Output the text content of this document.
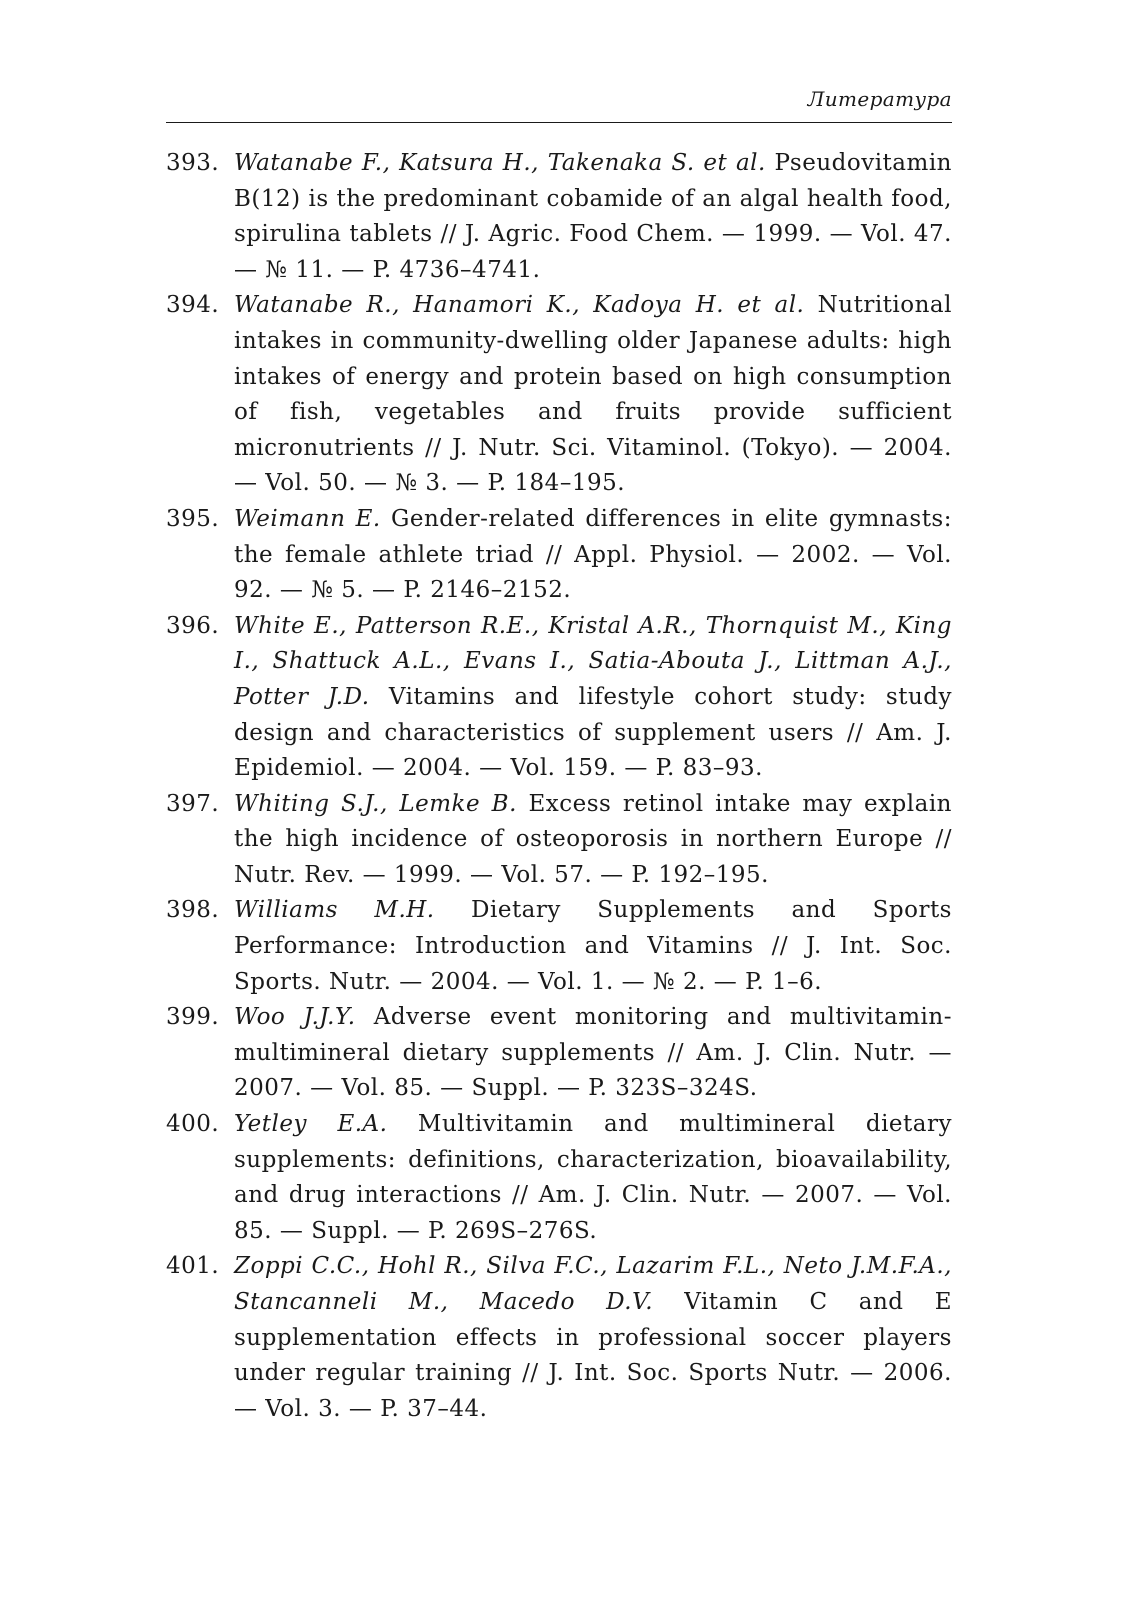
Литература
393. Watanabe F., Katsura H., Takenaka S. et al. Pseudovitamin B(12) is the predominant cobamide of an algal health food, spirulina tablets // J. Agric. Food Chem. — 1999. — Vol. 47. — № 11. — P. 4736–4741.
394. Watanabe R., Hanamori K., Kadoya H. et al. Nutritional intakes in community-dwelling older Japanese adults: high intakes of energy and protein based on high consumption of fish, vegetables and fruits provide sufficient micronutrients // J. Nutr. Sci. Vitaminol. (Tokyo). — 2004. — Vol. 50. — № 3. — P. 184–195.
395. Weimann E. Gender-related differences in elite gymnasts: the female athlete triad // Appl. Physiol. — 2002. — Vol. 92. — № 5. — P. 2146–2152.
396. White E., Patterson R.E., Kristal A.R., Thornquist M., King I., Shattuck A.L., Evans I., Satia-Abouta J., Littman A.J., Potter J.D. Vitamins and lifestyle cohort study: study design and characteristics of supplement users // Am. J. Epidemiol. — 2004. — Vol. 159. — P. 83–93.
397. Whiting S.J., Lemke B. Excess retinol intake may explain the high incidence of osteoporosis in northern Europe // Nutr. Rev. — 1999. — Vol. 57. — P. 192–195.
398. Williams M.H. Dietary Supplements and Sports Performance: Introduction and Vitamins // J. Int. Soc. Sports. Nutr. — 2004. — Vol. 1. — № 2. — P. 1–6.
399. Woo J.J.Y. Adverse event monitoring and multivitamin-multimineral dietary supplements // Am. J. Clin. Nutr. — 2007. — Vol. 85. — Suppl. — P. 323S–324S.
400. Yetley E.A. Multivitamin and multimineral dietary supplements: definitions, characterization, bioavailability, and drug interactions // Am. J. Clin. Nutr. — 2007. — Vol. 85. — Suppl. — P. 269S–276S.
401. Zoppi C.C., Hohl R., Silva F.C., Lazarim F.L., Neto J.M.F.A., Stancanneli M., Macedo D.V. Vitamin C and E supplementation effects in professional soccer players under regular training // J. Int. Soc. Sports Nutr. — 2006. — Vol. 3. — P. 37–44.
